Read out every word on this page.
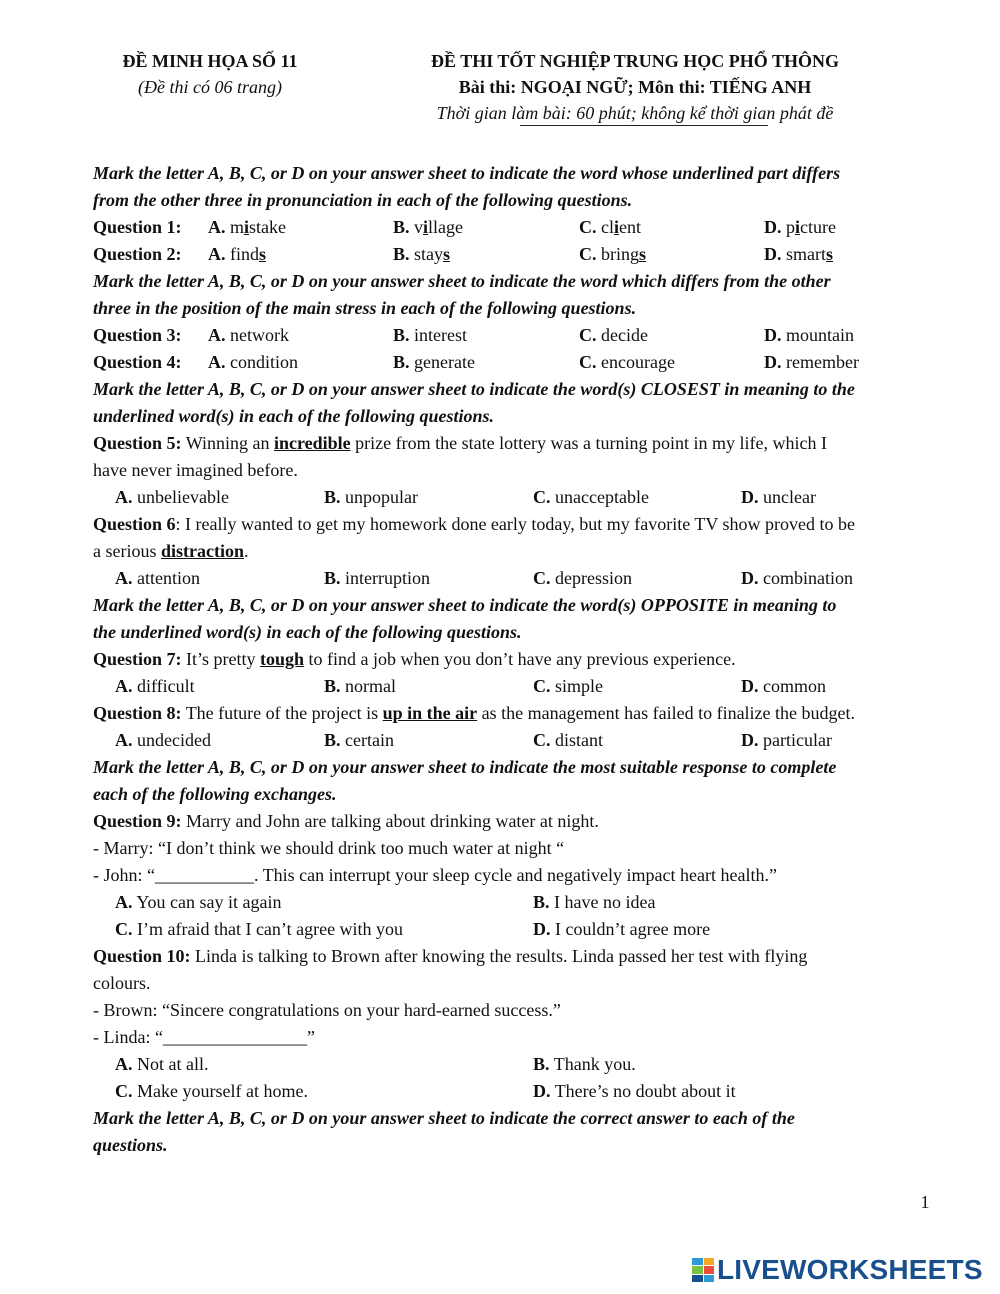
ĐỀ MINH HỌA SỐ 11
(Đề thi có 06 trang)
ĐỀ THI TỐT NGHIỆP TRUNG HỌC PHỔ THÔNG
Bài thi: NGOẠI NGỮ; Môn thi: TIẾNG ANH
Thời gian làm bài: 60 phút; không kể thời gian phát đề
Mark the letter A, B, C, or D on your answer sheet to indicate the word whose underlined part differs
from the other three in pronunciation in each of the following questions.
Question 1: A. mistake	B. village	C. client	D. picture
Question 2: A. finds	B. stays	C. brings	D. smarts
Mark the letter A, B, C, or D on your answer sheet to indicate the word which differs from the other
three in the position of the main stress in each of the following questions.
Question 3: A. network	B. interest	C. decide	D. mountain
Question 4: A. condition	B. generate	C. encourage	D. remember
Mark the letter A, B, C, or D on your answer sheet to indicate the word(s) CLOSEST in meaning to the
underlined word(s) in each of the following questions.
Question 5: Winning an incredible prize from the state lottery was a turning point in my life, which I
have never imagined before.
A. unbelievable	B. unpopular	C. unacceptable	D. unclear
Question 6: I really wanted to get my homework done early today, but my favorite TV show proved to be
a serious distraction.
A. attention	B. interruption	C. depression	D. combination
Mark the letter A, B, C, or D on your answer sheet to indicate the word(s) OPPOSITE in meaning to
the underlined word(s) in each of the following questions.
Question 7: It’s pretty tough to find a job when you don’t have any previous experience.
A. difficult	B. normal	C. simple	D. common
Question 8: The future of the project is up in the air as the management has failed to finalize the budget.
A. undecided	B. certain	C. distant	D. particular
Mark the letter A, B, C, or D on your answer sheet to indicate the most suitable response to complete
each of the following exchanges.
Question 9: Marry and John are talking about drinking water at night.
- Marry: “I don’t think we should drink too much water at night “
- John: “___________. This can interrupt your sleep cycle and negatively impact heart health.”
A. You can say it again	B. I have no idea
C. I’m afraid that I can’t agree with you	D. I couldn’t agree more
Question 10: Linda is talking to Brown after knowing the results. Linda passed her test with flying
colours.
- Brown: “Sincere congratulations on your hard-earned success.”
- Linda: “________________”
A. Not at all.	B. Thank you.
C. Make yourself at home.	D. There’s no doubt about it
Mark the letter A, B, C, or D on your answer sheet to indicate the correct answer to each of the
questions.
1
LIVEWORKSHEETS
